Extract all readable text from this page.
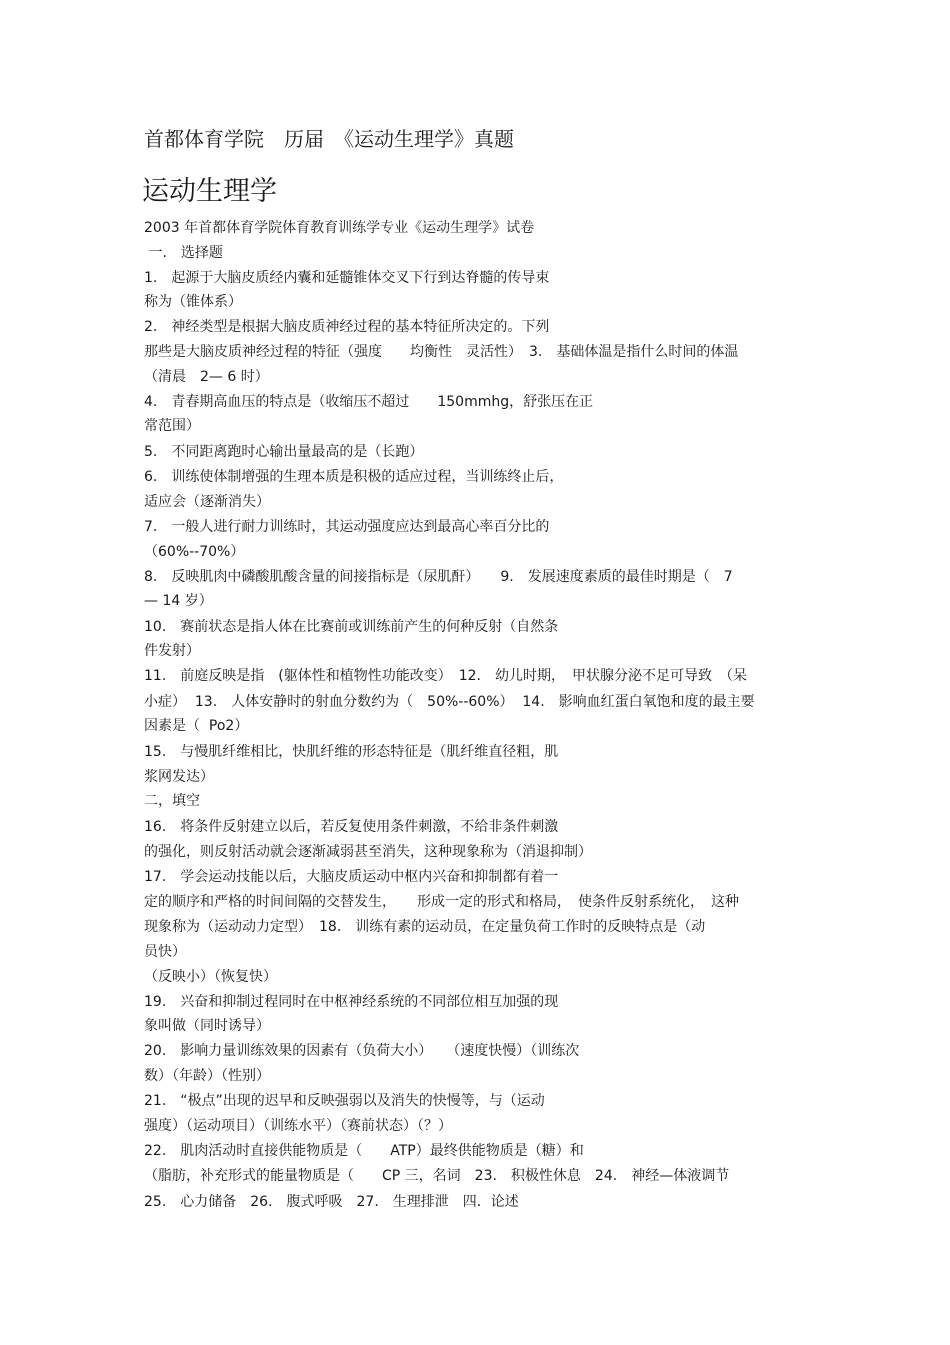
首都体育学院　历届　《运动生理学》真题
运动生理学
2003 年首都体育学院体育教育训练学专业《运动生理学》试卷
一.　选择题
1.　起源于大脑皮质经内囊和延髓锥体交叉下行到达脊髓的传导束
称为（锥体系）
2.　神经类型是根据大脑皮质神经过程的基本特征所决定的。下列
那些是大脑皮质神经过程的特征（强度　　均衡性　灵活性）　3.　基础体温是指什么时间的体温
（清晨　2— 6 时）
4.　青春期高血压的特点是（收缩压不超过　　150mmhg，舒张压在正
常范围）
5.　不同距离跑时心输出量最高的是（长跑）
6.　训练使体制增强的生理本质是积极的适应过程，当训练终止后，
适应会（逐渐消失）
7.　一般人进行耐力训练时，其运动强度应达到最高心率百分比的
（60%--70%）
8.　反映肌肉中磷酸肌酸含量的间接指标是（尿肌酐）　　9.　发展速度素质的最佳时期是（　7
— 14 岁）
10.　赛前状态是指人体在比赛前或训练前产生的何种反射（自然条
件发射）
11.　前庭反映是指　(躯体性和植物性功能改变）　12.　幼儿时期，　甲状腺分泌不足可导致　（呆
小症）  13.　人体安静时的射血分数约为（　50%--60%）  14.　影响血红蛋白氧饱和度的最主要
因素是（  Po2）
15.　与慢肌纤维相比，快肌纤维的形态特征是（肌纤维直径粗，肌
浆网发达）
二，填空
16.　将条件反射建立以后，若反复使用条件刺激，不给非条件刺激
的强化，则反射活动就会逐渐减弱甚至消失，这种现象称为（消退抑制）
17.　学会运动技能以后，大脑皮质运动中枢内兴奋和抑制都有着一
定的顺序和严格的时间间隔的交替发生，　　形成一定的形式和格局，　使条件反射系统化，　这种
现象称为（运动动力定型）　18.　训练有素的运动员，在定量负荷工作时的反映特点是（动
员快）
（反映小）（恢复快）
19.　兴奋和抑制过程同时在中枢神经系统的不同部位相互加强的现
象叫做（同时诱导）
20.　影响力量训练效果的因素有（负荷大小）　　（速度快慢）（训练次
数）（年龄）（性别）
21.　“极点”出现的迟早和反映强弱以及消失的快慢等，与（运动
强度）（运动项目）（训练水平）（赛前状态）（？）
22.　肌肉活动时直接供能物质是（　　ATP）最终供能物质是（糖）和
（脂肪，补充形式的能量物质是（　　CP 三，名词　23.　积极性休息　24.　神经—体液调节
25.　心力储备　26.　腹式呼吸　27.　生理排泄　四．论述
